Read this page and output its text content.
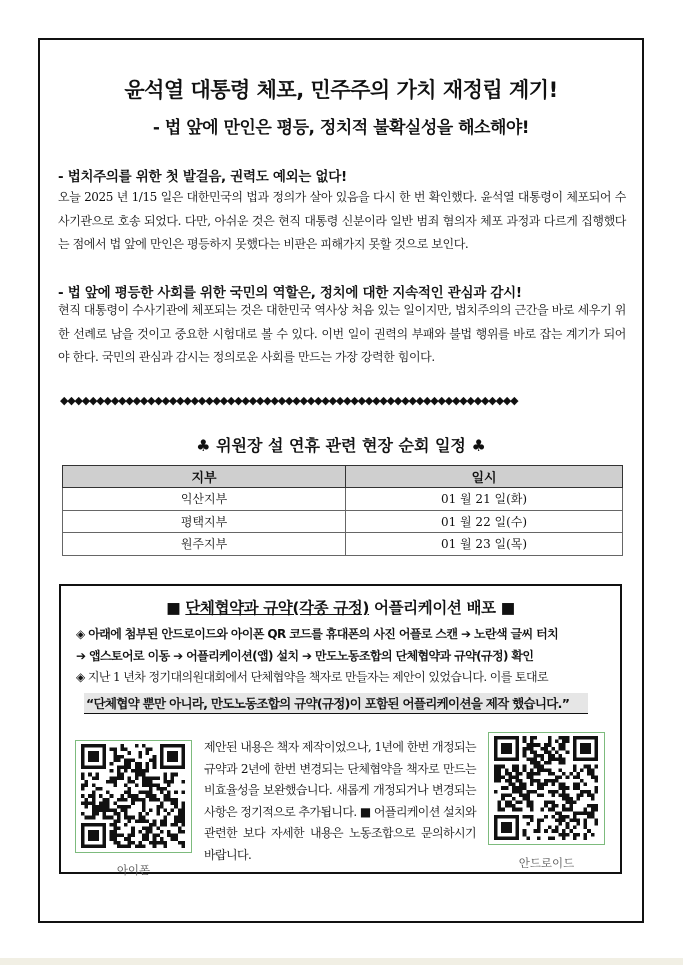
윤석열 대통령 체포, 민주주의 가치 재정립 계기!
- 법 앞에 만인은 평등, 정치적 불확실성을 해소해야!
- 법치주의를 위한 첫 발걸음, 권력도 예외는 없다!
오늘 2025 년 1/15 일은 대한민국의 법과 정의가 살아 있음을 다시 한 번 확인했다. 윤석열 대통령이 체포되어 수사기관으로 호송 되었다. 다만, 아쉬운 것은 현직 대통령 신분이라 일반 범죄 혐의자 체포 과정과 다르게 집행했다는 점에서 법 앞에 만인은 평등하지 못했다는 비판은 피해가지 못할 것으로 보인다.
- 법 앞에 평등한 사회를 위한 국민의 역할은, 정치에 대한 지속적인 관심과 감시!
현직 대통령이 수사기관에 체포되는 것은 대한민국 역사상 처음 있는 일이지만, 법치주의의 근간을 바로 세우기 위한 선례로 남을 것이고 중요한 시험대로 볼 수 있다. 이번 일이 권력의 부패와 불법 행위를 바로 잡는 계기가 되어야 한다. 국민의 관심과 감시는 정의로운 사회를 만드는 가장 강력한 힘이다.
◆◆◆◆◆◆◆◆◆◆◆◆◆◆◆◆◆◆◆◆◆◆◆◆◆◆◆◆◆◆◆◆◆◆◆◆◆◆◆◆◆◆◆◆◆◆◆◆◆◆◆◆◆◆◆◆◆◆◆◆◆◆◆
♣ 위원장 설 연휴 관련 현장 순회 일정 ♣
지부	일시
익산지부	01 월 21 일(화)
평택지부	01 월 22 일(수)
원주지부	01 월 23 일(목)
■ 단체협약과 규약(각종 규정) 어플리케이션 배포 ■
◈ 아래에 첨부된 안드로이드와 아이폰 QR 코드를 휴대폰의 사진 어플로 스캔 ➔ 노란색 글씨 터치
➔ 앱스토어로 이동 ➔ 어플리케이션(앱) 설치 ➔ 만도노동조합의 단체협약과 규약(규정) 확인
◈ 지난 1 년차 정기대의원대회에서 단체협약을 책자로 만들자는 제안이 있었습니다. 이를 토대로
“단체협약 뿐만 아니라, 만도노동조합의 규약(규정)이 포함된 어플리케이션을 제작 했습니다.”
아이폰	안드로이드
제안된 내용은 책자 제작이었으나, 1년에 한번 개정되는 규약과 2년에 한번 변경되는 단체협약을 책자로 만드는 비효율성을 보완했습니다. 새롭게 개정되거나 변경되는 사항은 정기적으로 추가됩니다. ■ 어플리케이션 설치와 관련한 보다 자세한 내용은 노동조합으로 문의하시기 바랍니다.
